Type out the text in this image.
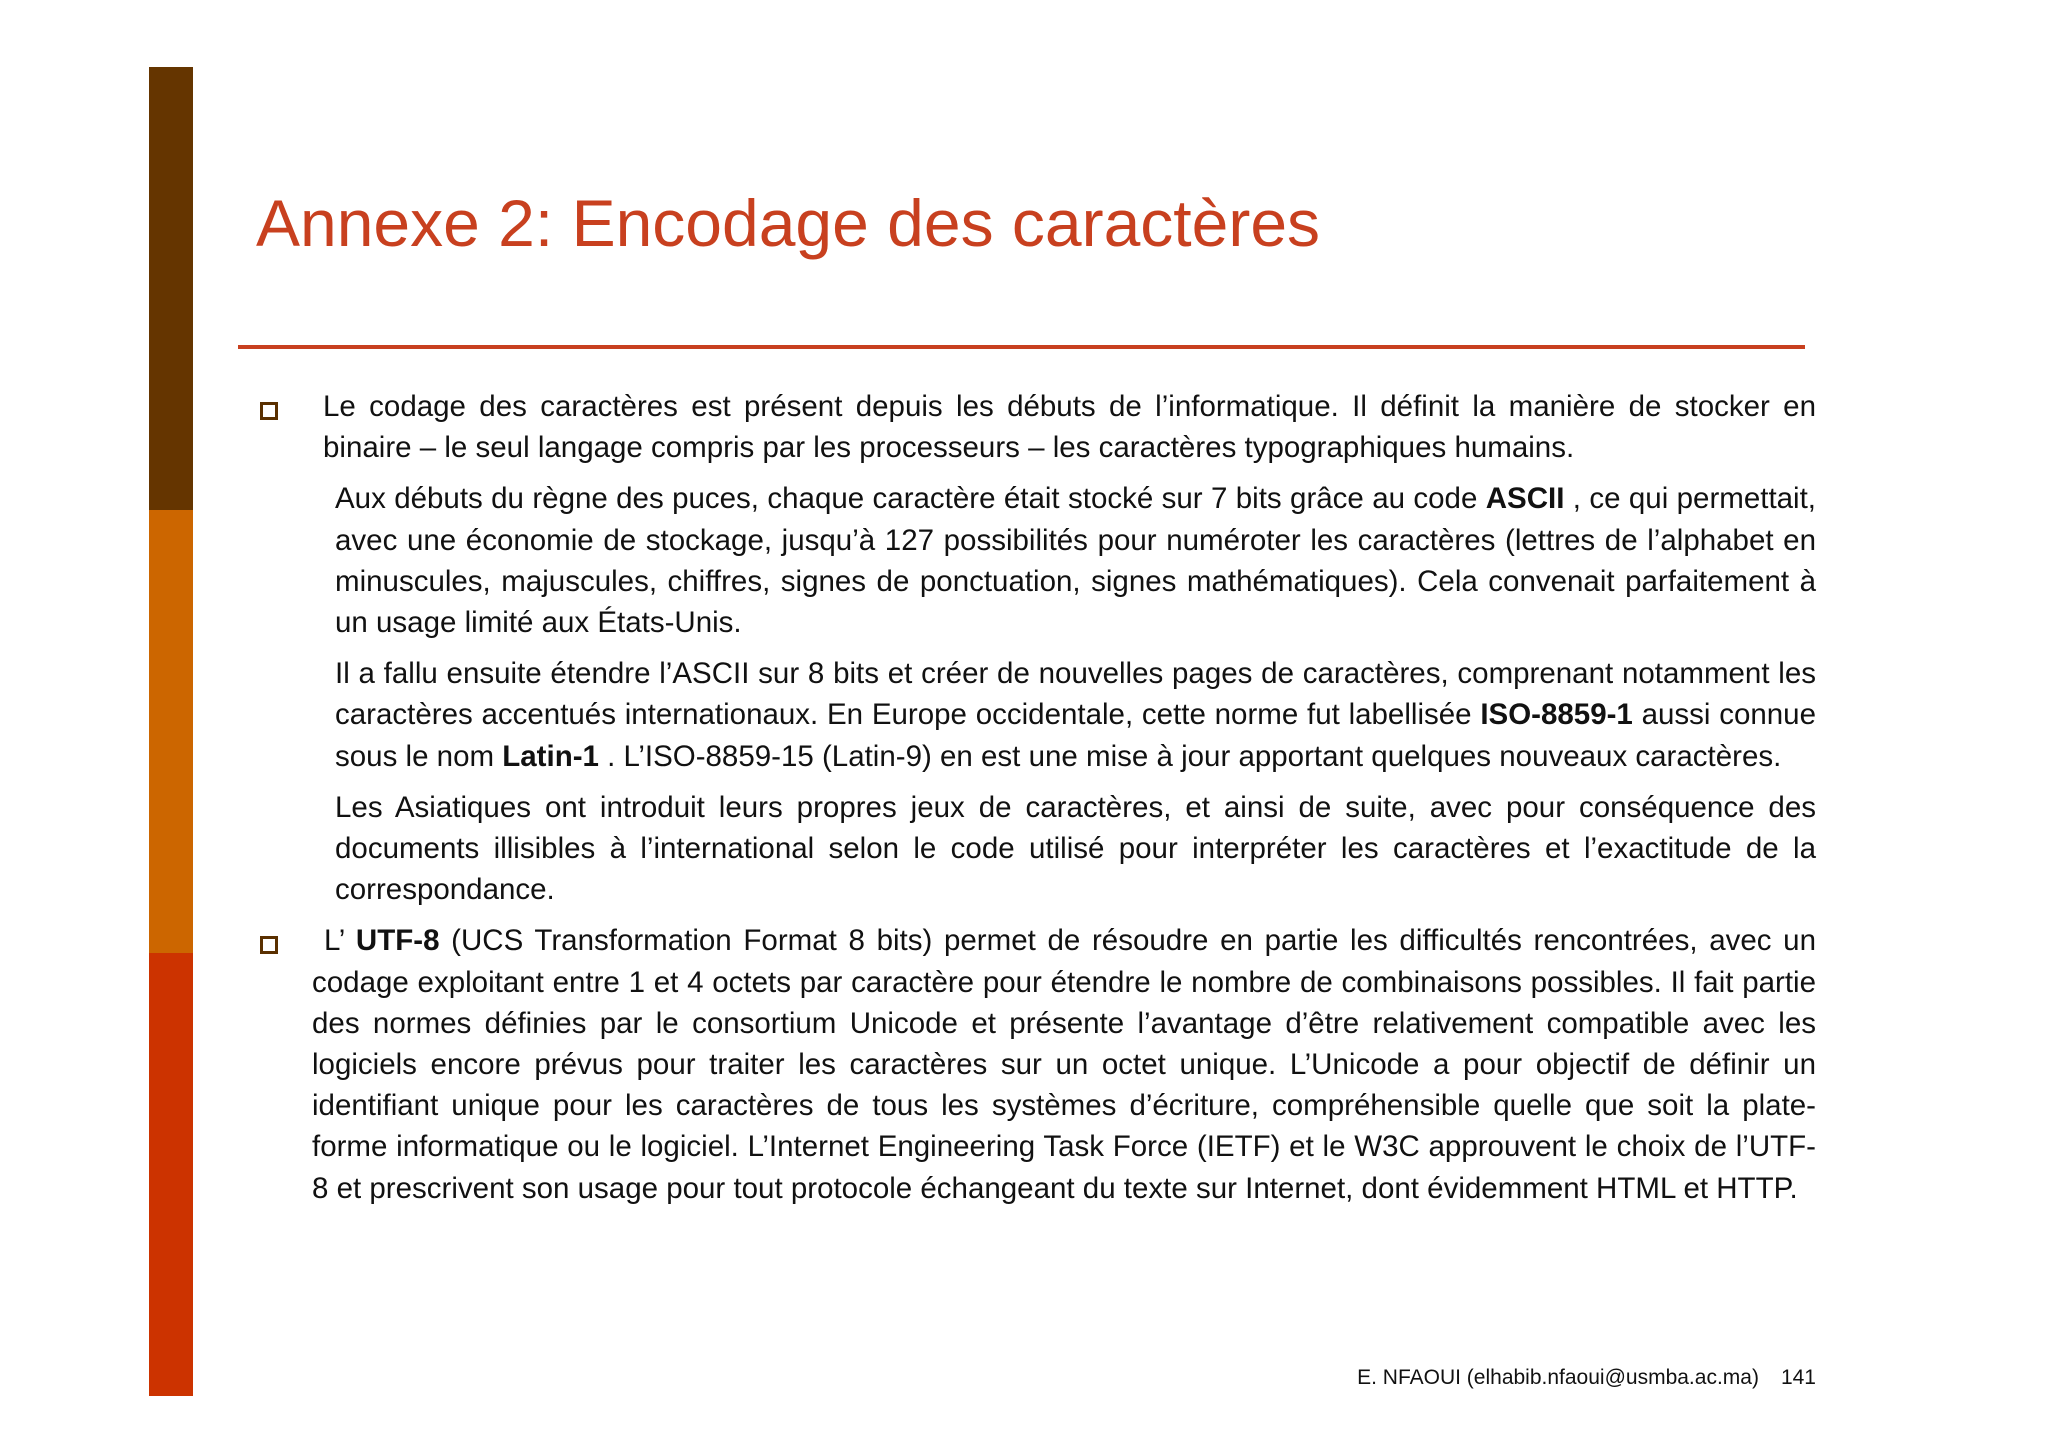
Annexe 2: Encodage des caractères

Le codage des caractères est présent depuis les débuts de l’informatique. Il définit la manière de stocker en binaire – le seul langage compris par les processeurs – les caractères typographiques humains.

Aux débuts du règne des puces, chaque caractère était stocké sur 7 bits grâce au code ASCII , ce qui permettait, avec une économie de stockage, jusqu’à 127 possibilités pour numéroter les caractères (lettres de l’alphabet en minuscules, majuscules, chiffres, signes de ponctuation, signes mathématiques). Cela convenait parfaitement à un usage limité aux États-Unis.

Il a fallu ensuite étendre l’ASCII sur 8 bits et créer de nouvelles pages de caractères, comprenant notamment les caractères accentués internationaux. En Europe occidentale, cette norme fut labellisée ISO-8859-1 aussi connue sous le nom Latin-1 . L’ISO-8859-15 (Latin-9) en est une mise à jour apportant quelques nouveaux caractères.

Les Asiatiques ont introduit leurs propres jeux de caractères, et ainsi de suite, avec pour conséquence des documents illisibles à l’international selon le code utilisé pour interpréter les caractères et l’exactitude de la correspondance.

L’ UTF-8 (UCS Transformation Format 8 bits) permet de résoudre en partie les difficultés rencontrées, avec un codage exploitant entre 1 et 4 octets par caractère pour étendre le nombre de combinaisons possibles. Il fait partie des normes définies par le consortium Unicode et présente l’avantage d’être relativement compatible avec les logiciels encore prévus pour traiter les caractères sur un octet unique. L’Unicode a pour objectif de définir un identifiant unique pour les caractères de tous les systèmes d’écriture, compréhensible quelle que soit la plate-forme informatique ou le logiciel. L’Internet Engineering Task Force (IETF) et le W3C approuvent le choix de l’UTF-8 et prescrivent son usage pour tout protocole échangeant du texte sur Internet, dont évidemment HTML et HTTP.

E. NFAOUI (elhabib.nfaoui@usmba.ac.ma) 141
